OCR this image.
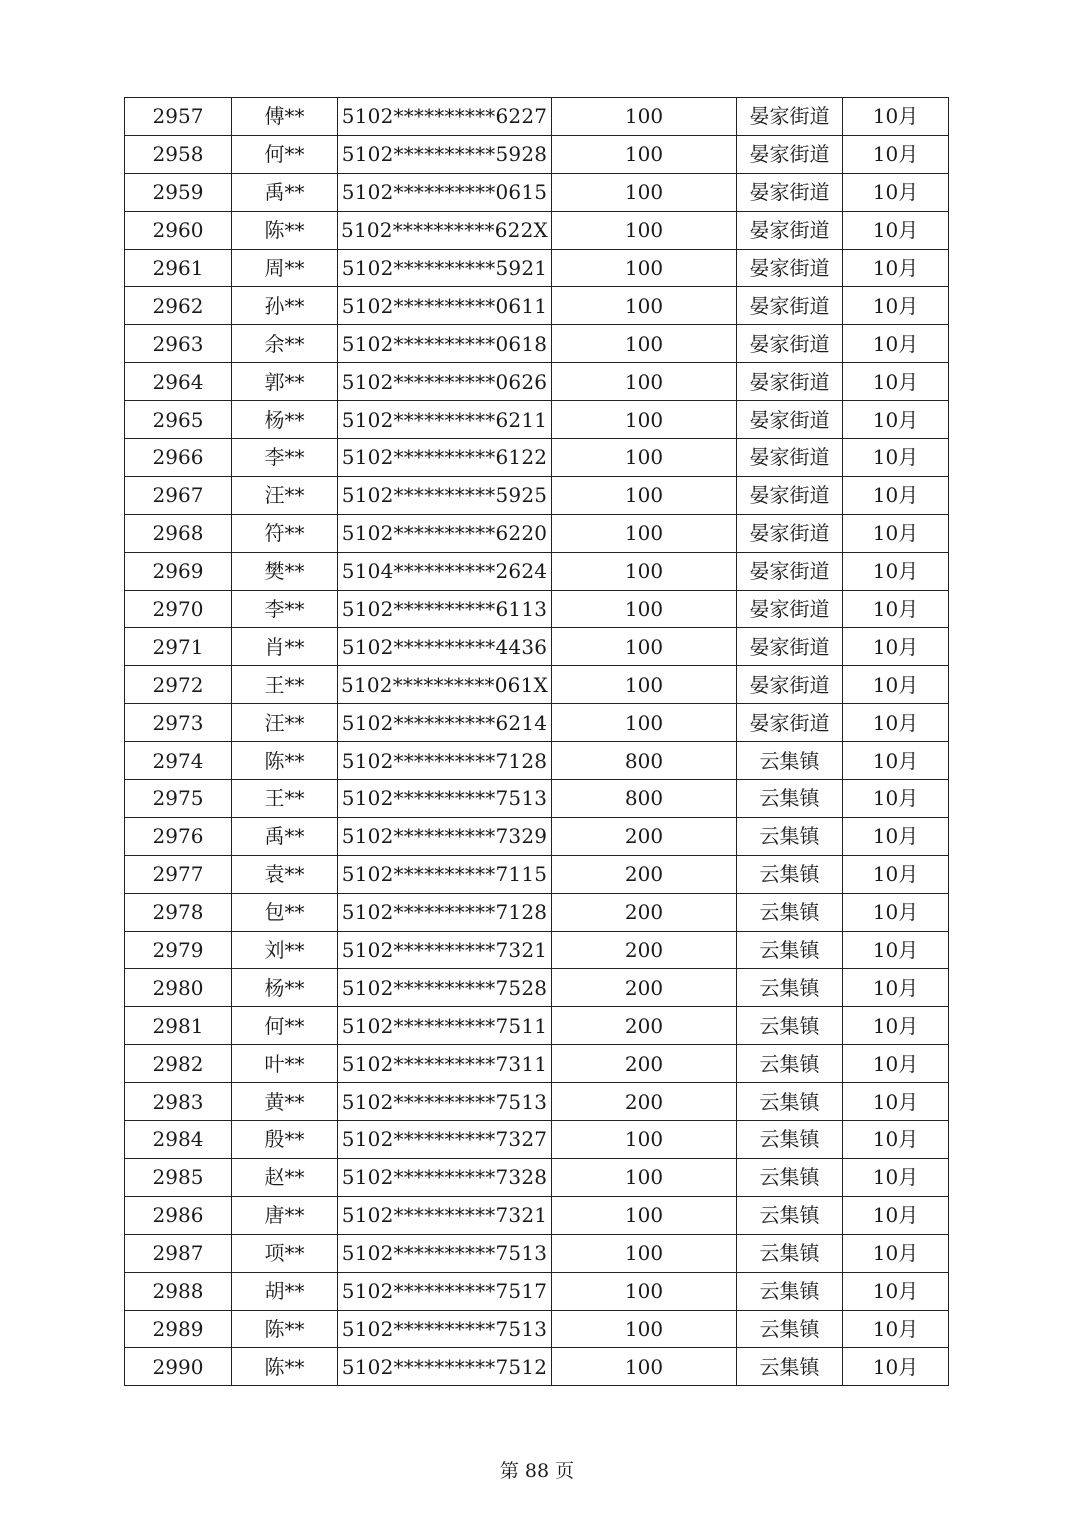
2957	傅**	5102**********6227	100	晏家街道	10月
2958	何**	5102**********5928	100	晏家街道	10月
2959	禹**	5102**********0615	100	晏家街道	10月
2960	陈**	5102**********622X	100	晏家街道	10月
2961	周**	5102**********5921	100	晏家街道	10月
2962	孙**	5102**********0611	100	晏家街道	10月
2963	余**	5102**********0618	100	晏家街道	10月
2964	郭**	5102**********0626	100	晏家街道	10月
2965	杨**	5102**********6211	100	晏家街道	10月
2966	李**	5102**********6122	100	晏家街道	10月
2967	汪**	5102**********5925	100	晏家街道	10月
2968	符**	5102**********6220	100	晏家街道	10月
2969	樊**	5104**********2624	100	晏家街道	10月
2970	李**	5102**********6113	100	晏家街道	10月
2971	肖**	5102**********4436	100	晏家街道	10月
2972	王**	5102**********061X	100	晏家街道	10月
2973	汪**	5102**********6214	100	晏家街道	10月
2974	陈**	5102**********7128	800	云集镇	10月
2975	王**	5102**********7513	800	云集镇	10月
2976	禹**	5102**********7329	200	云集镇	10月
2977	袁**	5102**********7115	200	云集镇	10月
2978	包**	5102**********7128	200	云集镇	10月
2979	刘**	5102**********7321	200	云集镇	10月
2980	杨**	5102**********7528	200	云集镇	10月
2981	何**	5102**********7511	200	云集镇	10月
2982	叶**	5102**********7311	200	云集镇	10月
2983	黄**	5102**********7513	200	云集镇	10月
2984	殷**	5102**********7327	100	云集镇	10月
2985	赵**	5102**********7328	100	云集镇	10月
2986	唐**	5102**********7321	100	云集镇	10月
2987	项**	5102**********7513	100	云集镇	10月
2988	胡**	5102**********7517	100	云集镇	10月
2989	陈**	5102**********7513	100	云集镇	10月
2990	陈**	5102**********7512	100	云集镇	10月
第 88 页
